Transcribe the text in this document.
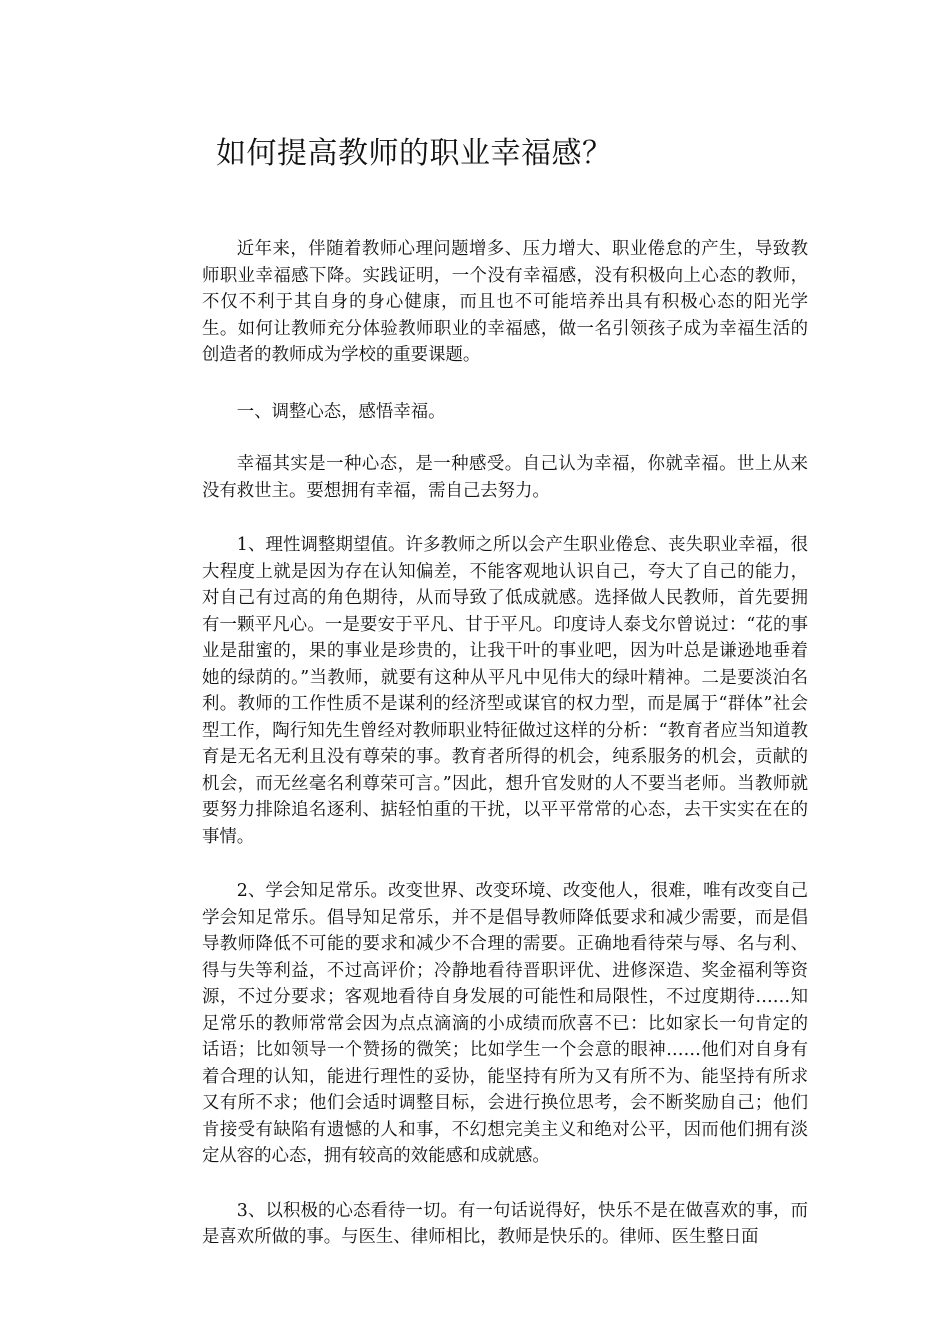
如何提高教师的职业幸福感？

近年来，伴随着教师心理问题增多、压力增大、职业倦怠的产生，导致教师职业幸福感下降。实践证明，一个没有幸福感，没有积极向上心态的教师，不仅不利于其自身的身心健康，而且也不可能培养出具有积极心态的阳光学生。如何让教师充分体验教师职业的幸福感，做一名引领孩子成为幸福生活的创造者的教师成为学校的重要课题。

一、调整心态，感悟幸福。

幸福其实是一种心态，是一种感受。自己认为幸福，你就幸福。世上从来没有救世主。要想拥有幸福，需自己去努力。

1、理性调整期望值。许多教师之所以会产生职业倦怠、丧失职业幸福，很大程度上就是因为存在认知偏差，不能客观地认识自己，夸大了自己的能力，对自己有过高的角色期待，从而导致了低成就感。选择做人民教师，首先要拥有一颗平凡心。一是要安于平凡、甘于平凡。印度诗人泰戈尔曾说过：“花的事业是甜蜜的，果的事业是珍贵的，让我干叶的事业吧，因为叶总是谦逊地垂着她的绿荫的。”当教师，就要有这种从平凡中见伟大的绿叶精神。二是要淡泊名利。教师的工作性质不是谋利的经济型或谋官的权力型，而是属于“群体”社会型工作，陶行知先生曾经对教师职业特征做过这样的分析：“教育者应当知道教育是无名无利且没有尊荣的事。教育者所得的机会，纯系服务的机会，贡献的机会，而无丝毫名利尊荣可言。”因此，想升官发财的人不要当老师。当教师就要努力排除追名逐利、掂轻怕重的干扰，以平平常常的心态，去干实实在在的事情。

2、学会知足常乐。改变世界、改变环境、改变他人，很难，唯有改变自己学会知足常乐。倡导知足常乐，并不是倡导教师降低要求和减少需要，而是倡导教师降低不可能的要求和减少不合理的需要。正确地看待荣与辱、名与利、得与失等利益，不过高评价；冷静地看待晋职评优、进修深造、奖金福利等资源，不过分要求；客观地看待自身发展的可能性和局限性，不过度期待……知足常乐的教师常常会因为点点滴滴的小成绩而欣喜不已：比如家长一句肯定的话语；比如领导一个赞扬的微笑；比如学生一个会意的眼神……他们对自身有着合理的认知，能进行理性的妥协，能坚持有所为又有所不为、能坚持有所求又有所不求；他们会适时调整目标，会进行换位思考，会不断奖励自己；他们肯接受有缺陷有遗憾的人和事，不幻想完美主义和绝对公平，因而他们拥有淡定从容的心态，拥有较高的效能感和成就感。

3、以积极的心态看待一切。有一句话说得好，快乐不是在做喜欢的事，而是喜欢所做的事。与医生、律师相比，教师是快乐的。律师、医生整日面
